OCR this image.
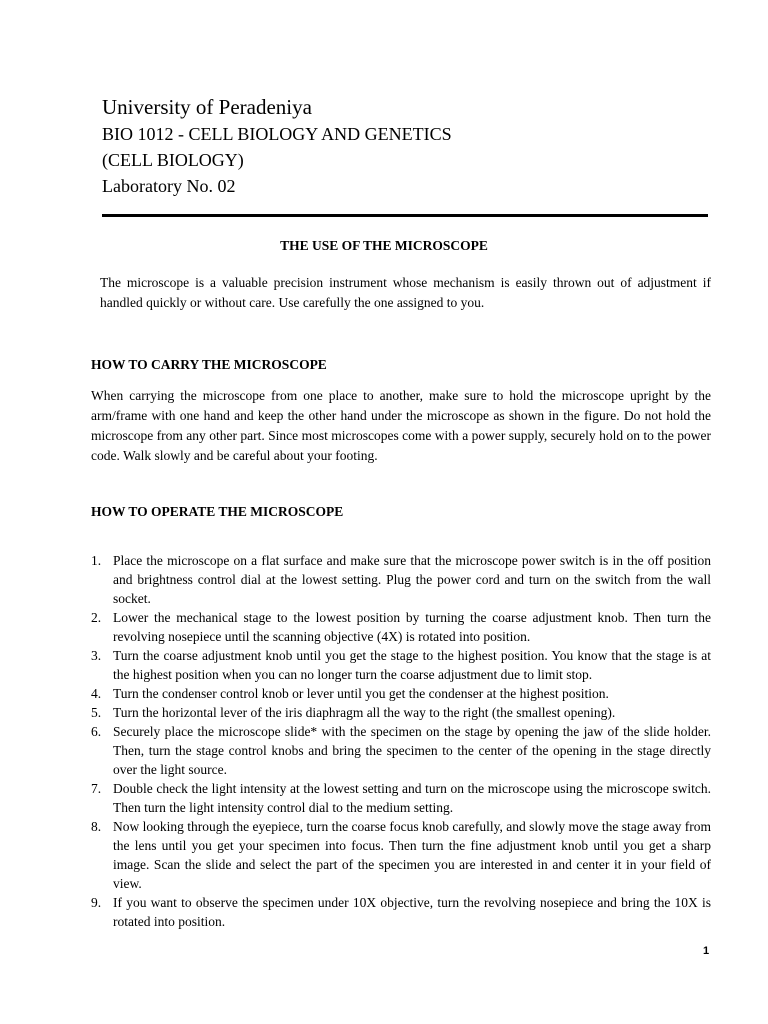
University of Peradeniya
BIO 1012 - CELL BIOLOGY AND GENETICS
(CELL BIOLOGY)
Laboratory No. 02
THE USE OF THE MICROSCOPE
The microscope is a valuable precision instrument whose mechanism is easily thrown out of adjustment if handled quickly or without care. Use carefully the one assigned to you.
HOW TO CARRY THE MICROSCOPE
When carrying the microscope from one place to another, make sure to hold the microscope upright by the arm/frame with one hand and keep the other hand under the microscope as shown in the figure. Do not hold the microscope from any other part. Since most microscopes come with a power supply, securely hold on to the power code. Walk slowly and be careful about your footing.
HOW TO OPERATE THE MICROSCOPE
1. Place the microscope on a flat surface and make sure that the microscope power switch is in the off position and brightness control dial at the lowest setting. Plug the power cord and turn on the switch from the wall socket.
2. Lower the mechanical stage to the lowest position by turning the coarse adjustment knob. Then turn the revolving nosepiece until the scanning objective (4X) is rotated into position.
3. Turn the coarse adjustment knob until you get the stage to the highest position. You know that the stage is at the highest position when you can no longer turn the coarse adjustment due to limit stop.
4. Turn the condenser control knob or lever until you get the condenser at the highest position.
5. Turn the horizontal lever of the iris diaphragm all the way to the right (the smallest opening).
6. Securely place the microscope slide* with the specimen on the stage by opening the jaw of the slide holder. Then, turn the stage control knobs and bring the specimen to the center of the opening in the stage directly over the light source.
7. Double check the light intensity at the lowest setting and turn on the microscope using the microscope switch. Then turn the light intensity control dial to the medium setting.
8. Now looking through the eyepiece, turn the coarse focus knob carefully, and slowly move the stage away from the lens until you get your specimen into focus. Then turn the fine adjustment knob until you get a sharp image. Scan the slide and select the part of the specimen you are interested in and center it in your field of view.
9. If you want to observe the specimen under 10X objective, turn the revolving nosepiece and bring the 10X is rotated into position.
1
